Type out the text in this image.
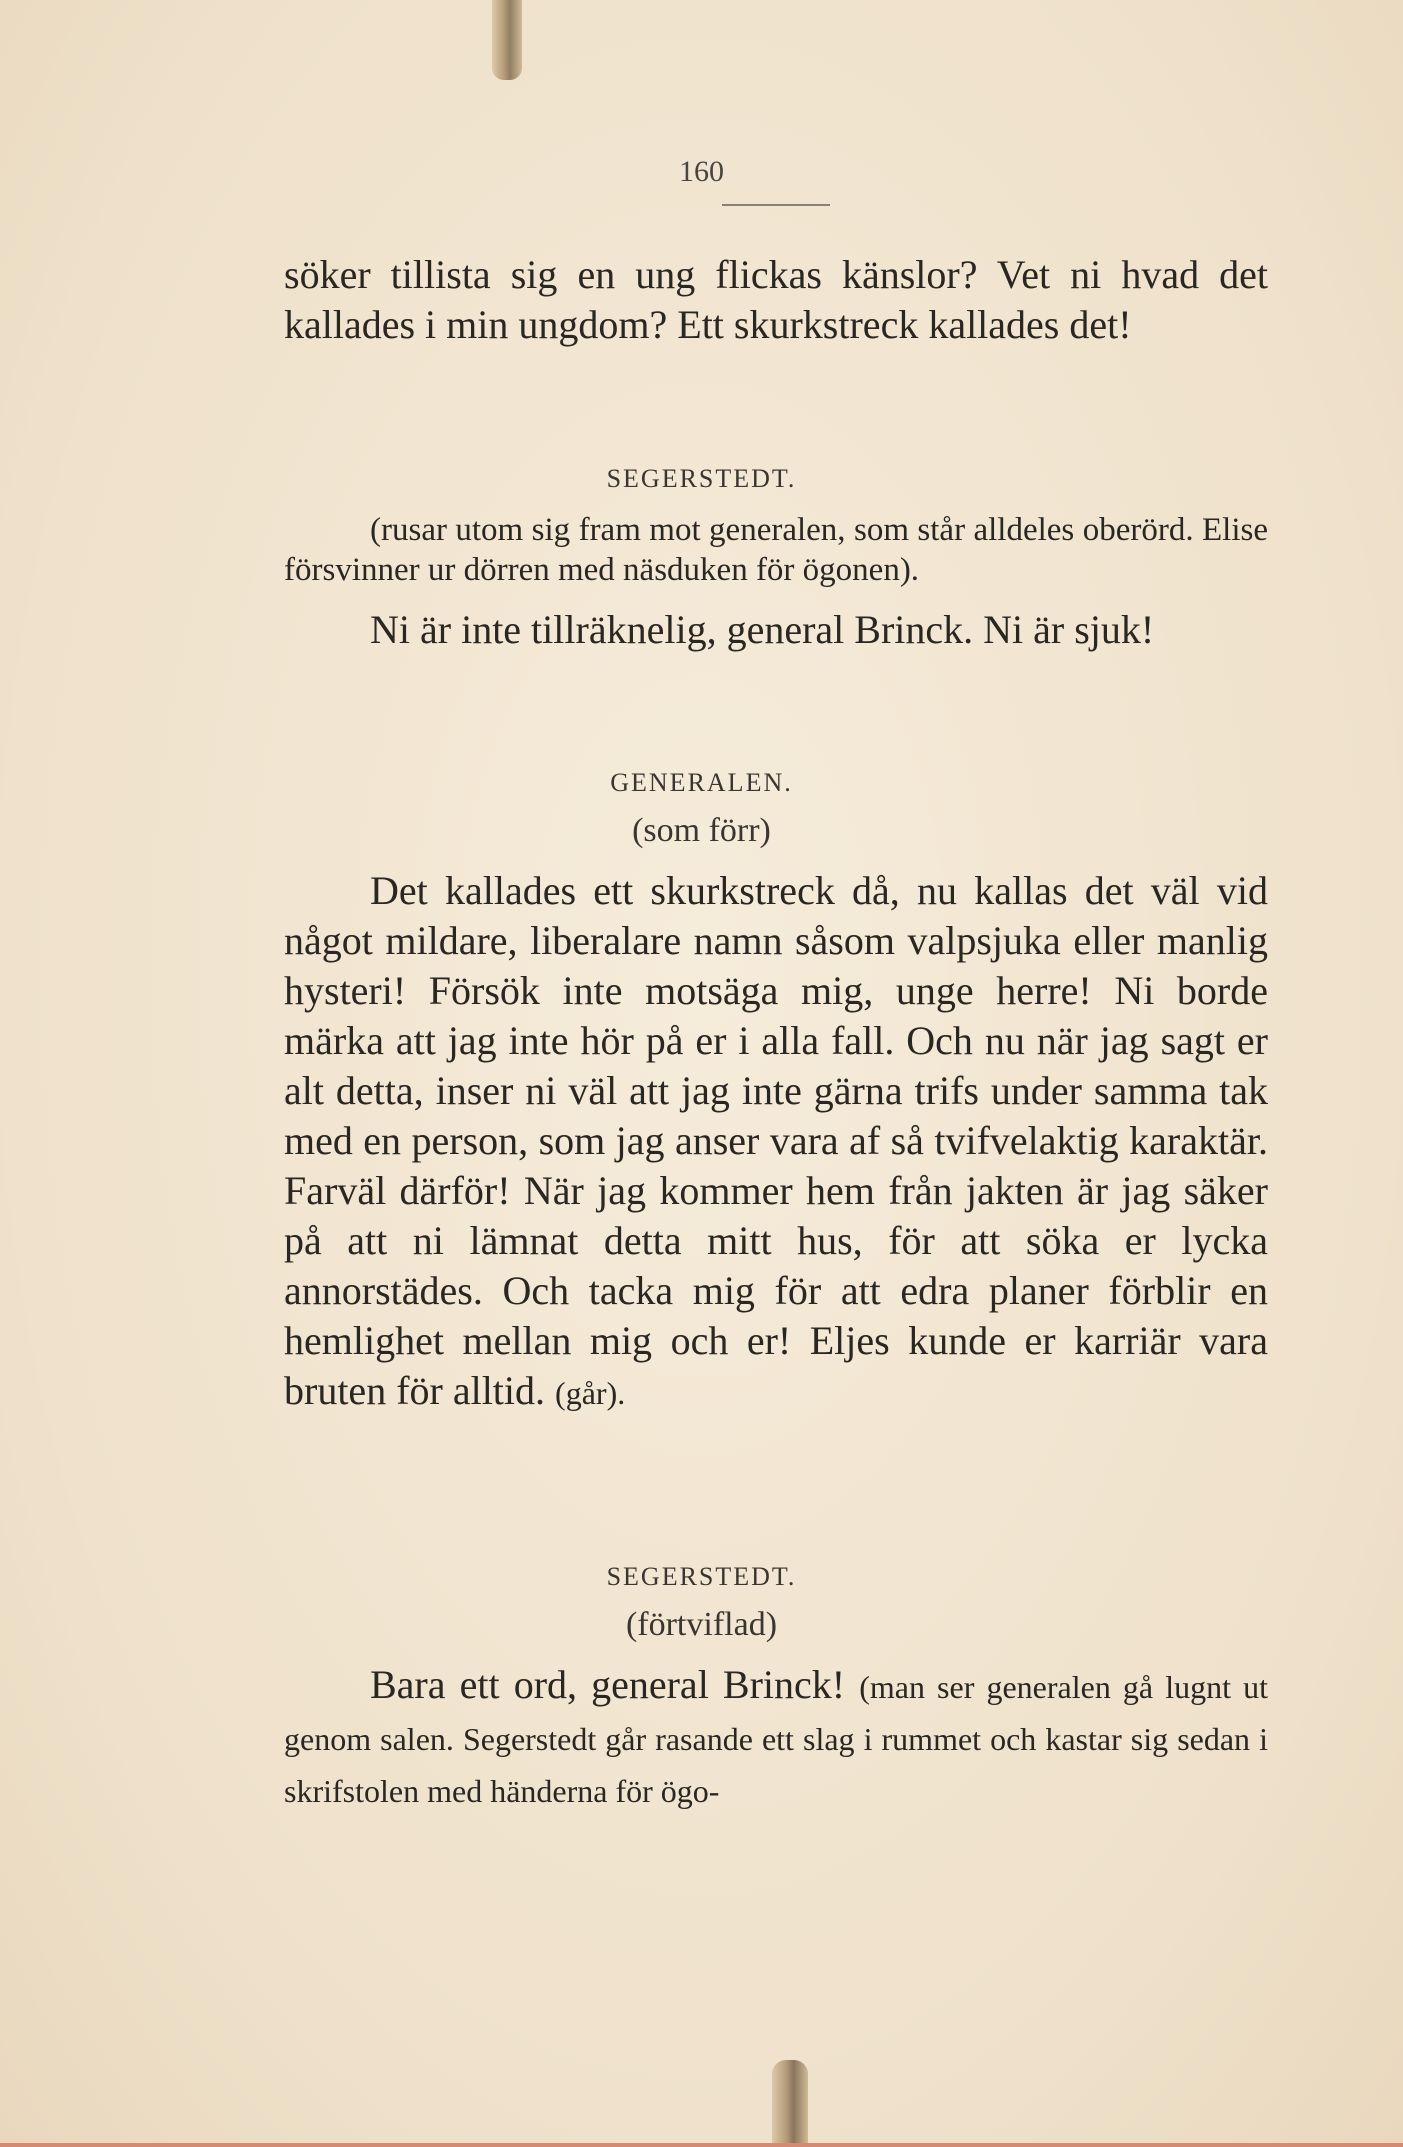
160

söker tillista sig en ung flickas känslor? Vet ni hvad det kallades i min ungdom? Ett skurkstreck kallades det!

SEGERSTEDT.

(rusar utom sig fram mot generalen, som står alldeles oberörd. Elise försvinner ur dörren med näsduken för ögonen).

Ni är inte tillräknelig, general Brinck. Ni är sjuk!

GENERALEN.
(som förr)

Det kallades ett skurkstreck då, nu kallas det väl vid något mildare, liberalare namn såsom valpsjuka eller manlig hysteri! Försök inte motsäga mig, unge herre! Ni borde märka att jag inte hör på er i alla fall. Och nu när jag sagt er alt detta, inser ni väl att jag inte gärna trifs under samma tak med en person, som jag anser vara af så tvifvelaktig karaktär. Farväl därför! När jag kommer hem från jakten är jag säker på att ni lämnat detta mitt hus, för att söka er lycka annorstädes. Och tacka mig för att edra planer förblir en hemlighet mellan mig och er! Eljes kunde er karriär vara bruten för alltid. (går).

SEGERSTEDT.
(förtviflad)

Bara ett ord, general Brinck! (man ser generalen gå lugnt ut genom salen. Segerstedt går rasande ett slag i rummet och kastar sig sedan i skrifstolen med händerna för ögo-
